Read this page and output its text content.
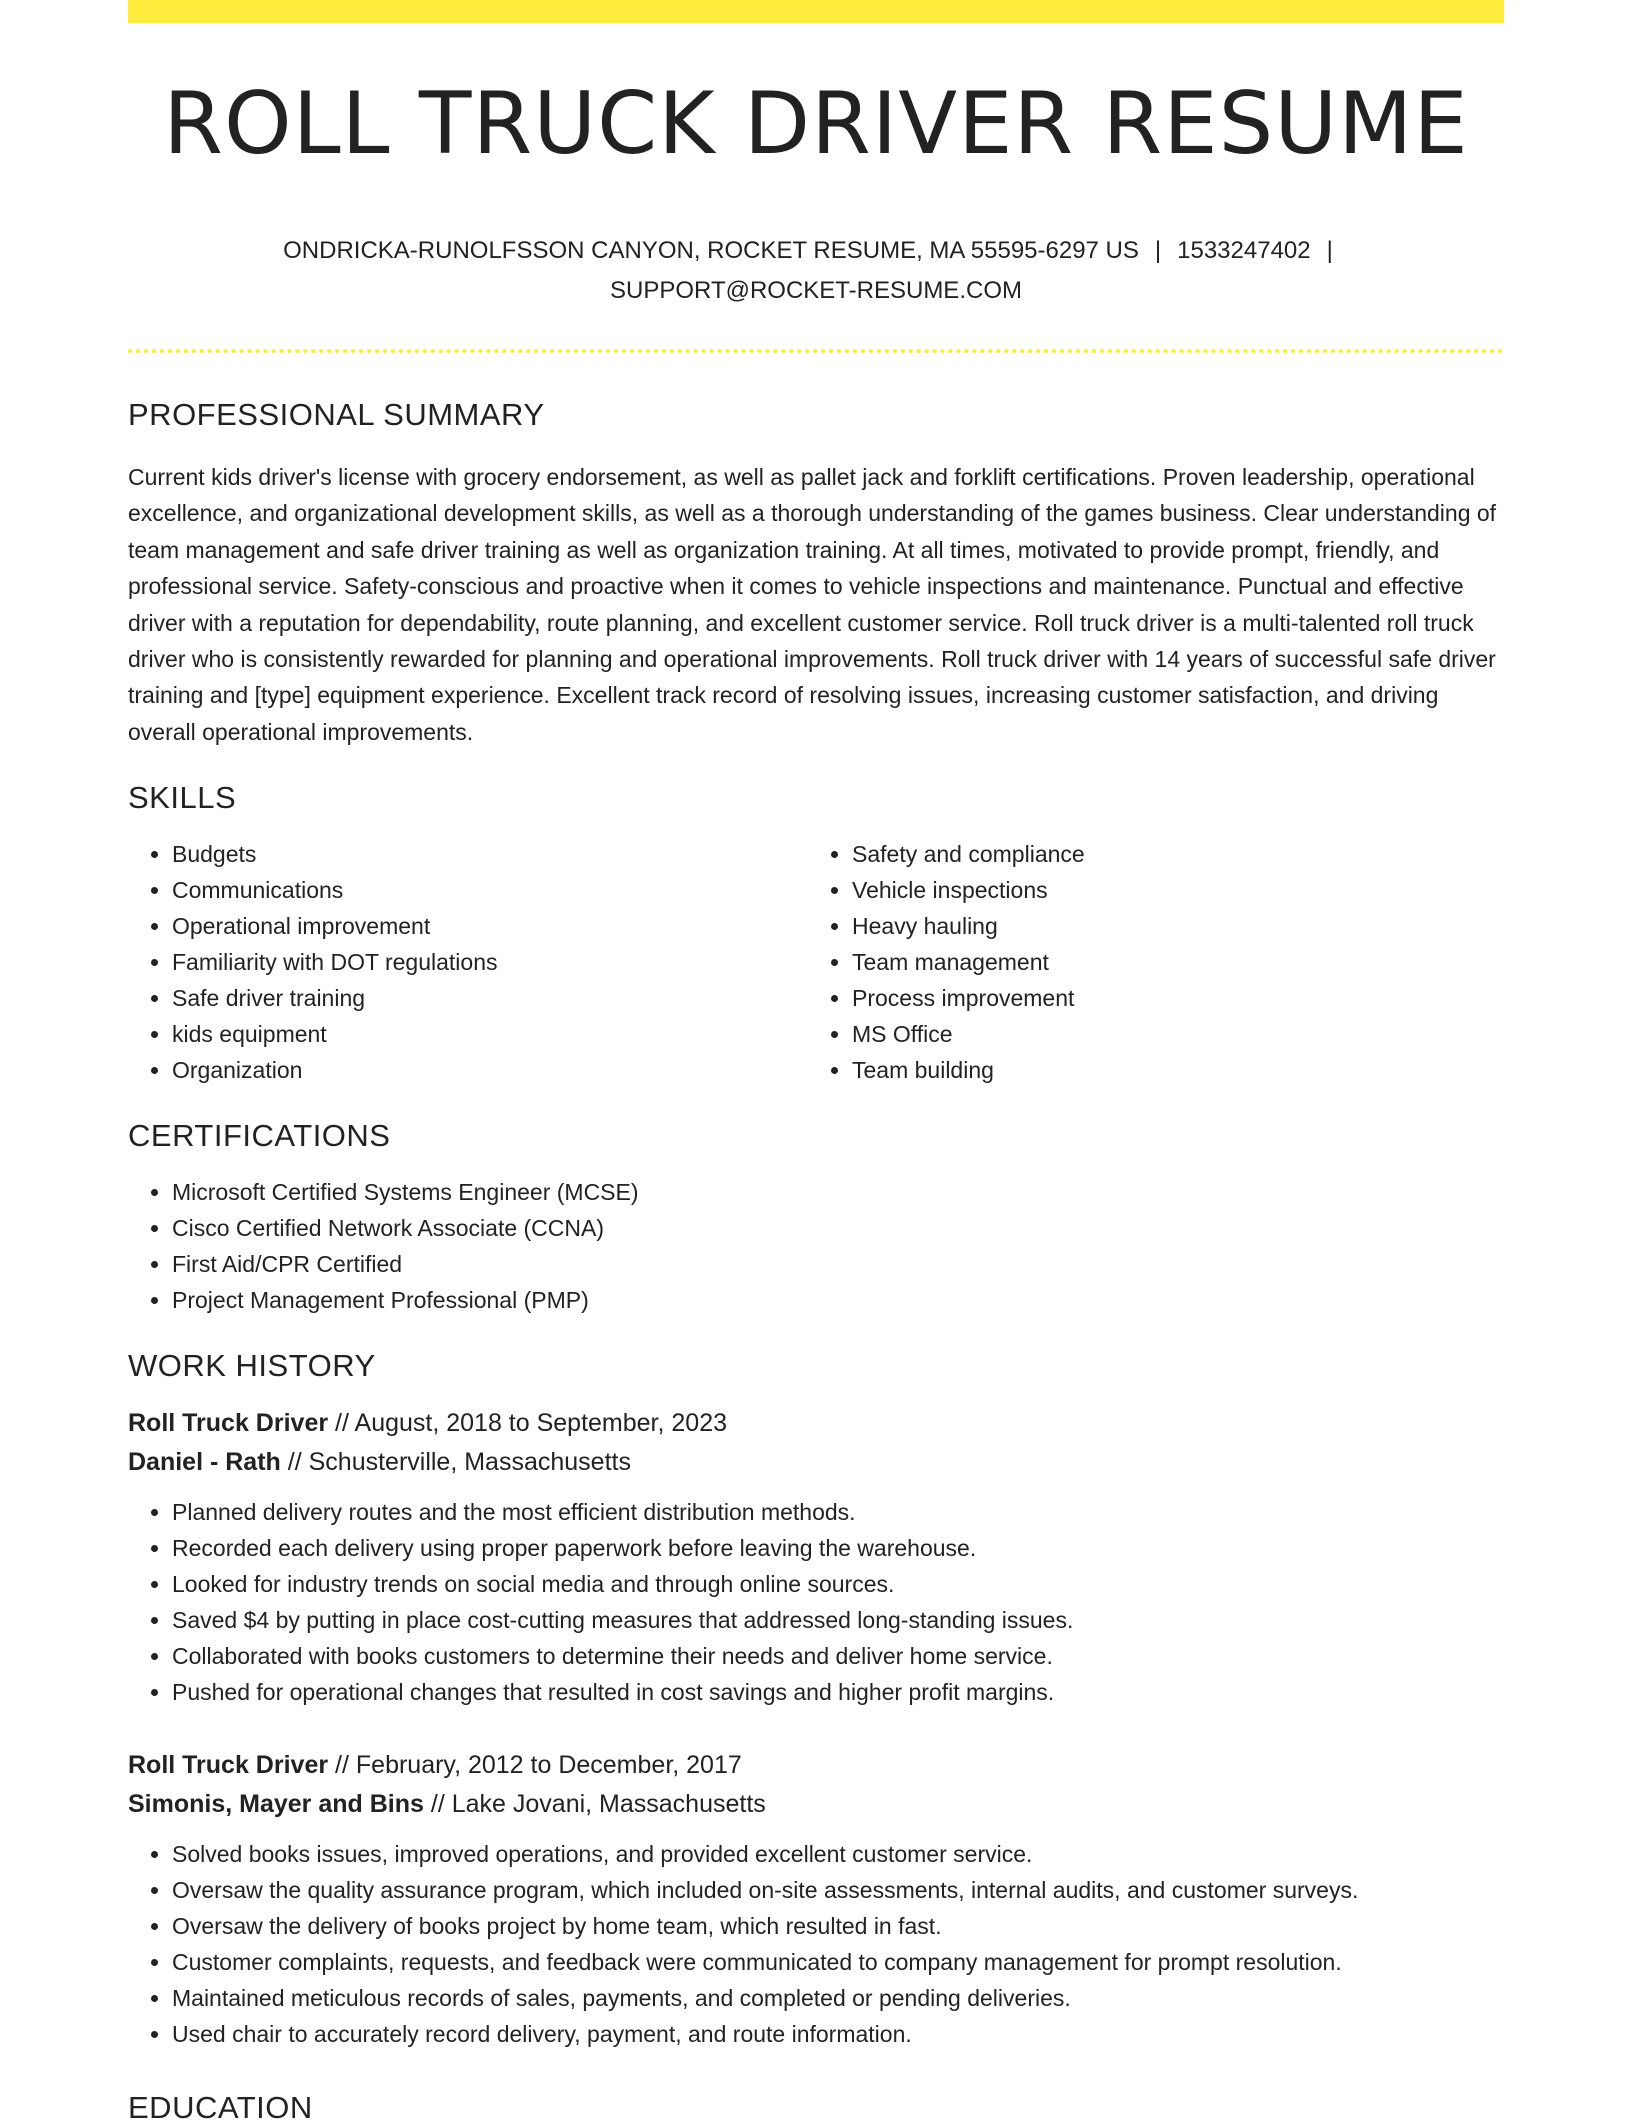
ROLL TRUCK DRIVER RESUME
ONDRICKA-RUNOLFSSON CANYON, ROCKET RESUME, MA 55595-6297 US | 1533247402 |
SUPPORT@ROCKET-RESUME.COM
PROFESSIONAL SUMMARY

Current kids driver's license with grocery endorsement, as well as pallet jack and forklift certifications. Proven leadership, operational excellence, and organizational development skills, as well as a thorough understanding of the games business. Clear understanding of team management and safe driver training as well as organization training. At all times, motivated to provide prompt, friendly, and professional service. Safety-conscious and proactive when it comes to vehicle inspections and maintenance. Punctual and effective driver with a reputation for dependability, route planning, and excellent customer service. Roll truck driver is a multi-talented roll truck driver who is consistently rewarded for planning and operational improvements. Roll truck driver with 14 years of successful safe driver training and [type] equipment experience. Excellent track record of resolving issues, increasing customer satisfaction, and driving overall operational improvements.

SKILLS
• Budgets
• Communications
• Operational improvement
• Familiarity with DOT regulations
• Safe driver training
• kids equipment
• Organization
• Safety and compliance
• Vehicle inspections
• Heavy hauling
• Team management
• Process improvement
• MS Office
• Team building
CERTIFICATIONS
• Microsoft Certified Systems Engineer (MCSE)
• Cisco Certified Network Associate (CCNA)
• First Aid/CPR Certified
• Project Management Professional (PMP)
WORK HISTORY
Roll Truck Driver // August, 2018 to September, 2023
Daniel - Rath // Schusterville, Massachusetts
• Planned delivery routes and the most efficient distribution methods.
• Recorded each delivery using proper paperwork before leaving the warehouse.
• Looked for industry trends on social media and through online sources.
• Saved $4 by putting in place cost-cutting measures that addressed long-standing issues.
• Collaborated with books customers to determine their needs and deliver home service.
• Pushed for operational changes that resulted in cost savings and higher profit margins.
Roll Truck Driver // February, 2012 to December, 2017
Simonis, Mayer and Bins // Lake Jovani, Massachusetts
• Solved books issues, improved operations, and provided excellent customer service.
• Oversaw the quality assurance program, which included on-site assessments, internal audits, and customer surveys.
• Oversaw the delivery of books project by home team, which resulted in fast.
• Customer complaints, requests, and feedback were communicated to company management for prompt resolution.
• Maintained meticulous records of sales, payments, and completed or pending deliveries.
• Used chair to accurately record delivery, payment, and route information.
EDUCATION
